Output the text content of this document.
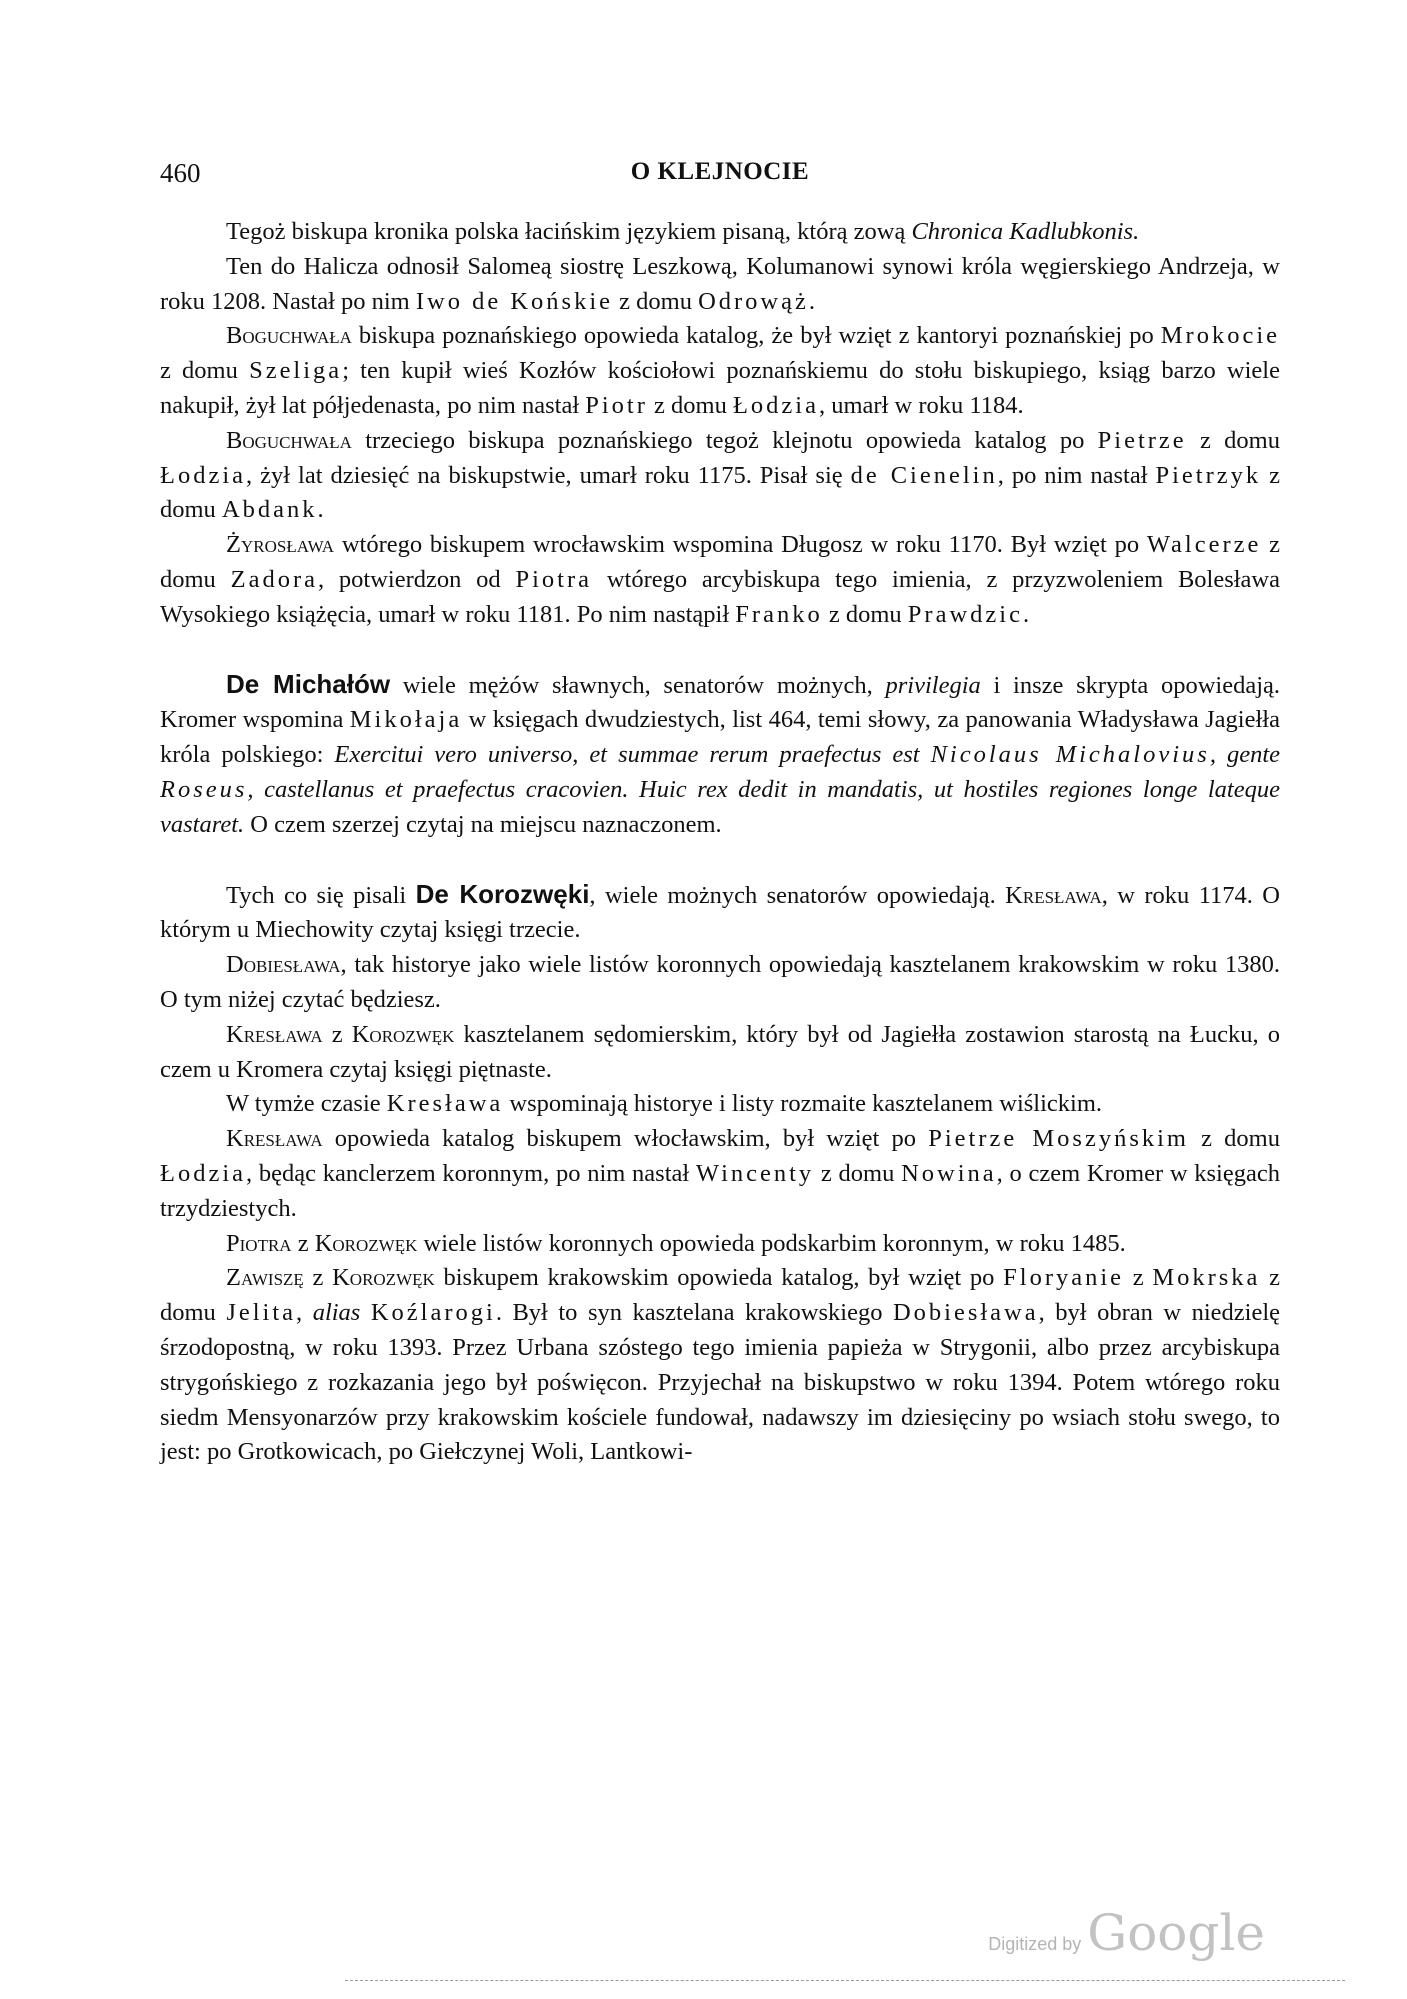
460	O KLEJNOCIE

Tegoż biskupa kronika polska łacińskim językiem pisaną, którą zową Chronica Kadlubkonis.

Ten do Halicza odnosił Salomeą siostrę Leszkową, Kolumanowi synowi króla węgierskiego Andrzeja, w roku 1208. Nastał po nim Iwo de Końskie z domu Odrowąż.

Boguchwała biskupa poznańskiego opowieda katalog, że był wzięt z kantoryi poznańskiej po Mrokocie z domu Szeliga; ten kupił wieś Kozłów kościołowi poznańskiemu do stołu biskupiego, ksiąg barzo wiele nakupił, żył lat półjedenasta, po nim nastał Piotr z domu Łodzia, umarł w roku 1184.

Boguchwała trzeciego biskupa poznańskiego tegoż klejnotu opowieda katalog po Pietrze z domu Łodzia, żył lat dziesięć na biskupstwie, umarł roku 1175. Pisał się de Cienelin, po nim nastał Pietrzyk z domu Abdank.

Żyrosława wtórego biskupem wrocławskim wspomina Długosz w roku 1170. Był wzięt po Walcerze z domu Zadora, potwierdzon od Piotra wtórego arcybiskupa tego imienia, z przyzwoleniem Bolesława Wysokiego książęcia, umarł w roku 1181. Po nim nastąpił Franko z domu Prawdzic.

De Michałów wiele mężów sławnych, senatorów możnych, privilegia i insze skrypta opowiedają. Kromer wspomina Mikołaja w księgach dwudziestych, list 464, temi słowy, za panowania Władysława Jagiełła króla polskiego: Exercitui vero universo, et summae rerum praefectus est Nicolaus Michalovius, gente Roseus, castellanus et praefectus cracovien. Huic rex dedit in mandatis, ut hostiles regiones longe lateque vastaret. O czem szerzej czytaj na miejscu naznaczonem.

Tych co się pisali De Korozwęki, wiele możnych senatorów opowiedają. Kresława, w roku 1174. O którym u Miechowity czytaj księgi trzecie.

Dobiesława, tak historye jako wiele listów koronnych opowiedają kasztelanem krakowskim w roku 1380. O tym niżej czytać będziesz.

Kresława z Korozwęk kasztelanem sędomierskim, który był od Jagiełła zostawion starostą na Łucku, o czem u Kromera czytaj księgi piętnaste.

W tymże czasie Kresława wspominają historye i listy rozmaite kasztelanem wiślickim.

Kresława opowieda katalog biskupem włocławskim, był wzięt po Pietrze Moszyńskim z domu Łodzia, będąc kanclerzem koronnym, po nim nastał Wincenty z domu Nowina, o czem Kromer w księgach trzydziestych.

Piotra z Korozwęk wiele listów koronnych opowieda podskarbim koronnym, w roku 1485.

Zawiszę z Korozwęk biskupem krakowskim opowieda katalog, był wzięt po Floryanie z Mokrska z domu Jelita, alias Koźlarogi. Był to syn kasztelana krakowskiego Dobiesława, był obran w niedzielę śrzodopostną, w roku 1393. Przez Urbana szóstego tego imienia papieża w Strygonii, albo przez arcybiskupa strygońskiego z rozkazania jego był poświęcon. Przyjechał na biskupstwo w roku 1394. Potem wtórego roku siedm Mensyonarzów przy krakowskim kościele fundował, nadawszy im dziesięciny po wsiach stołu swego, to jest: po Grotkowicach, po Giełczynej Woli, Lantkowi-

Digitized by Google
